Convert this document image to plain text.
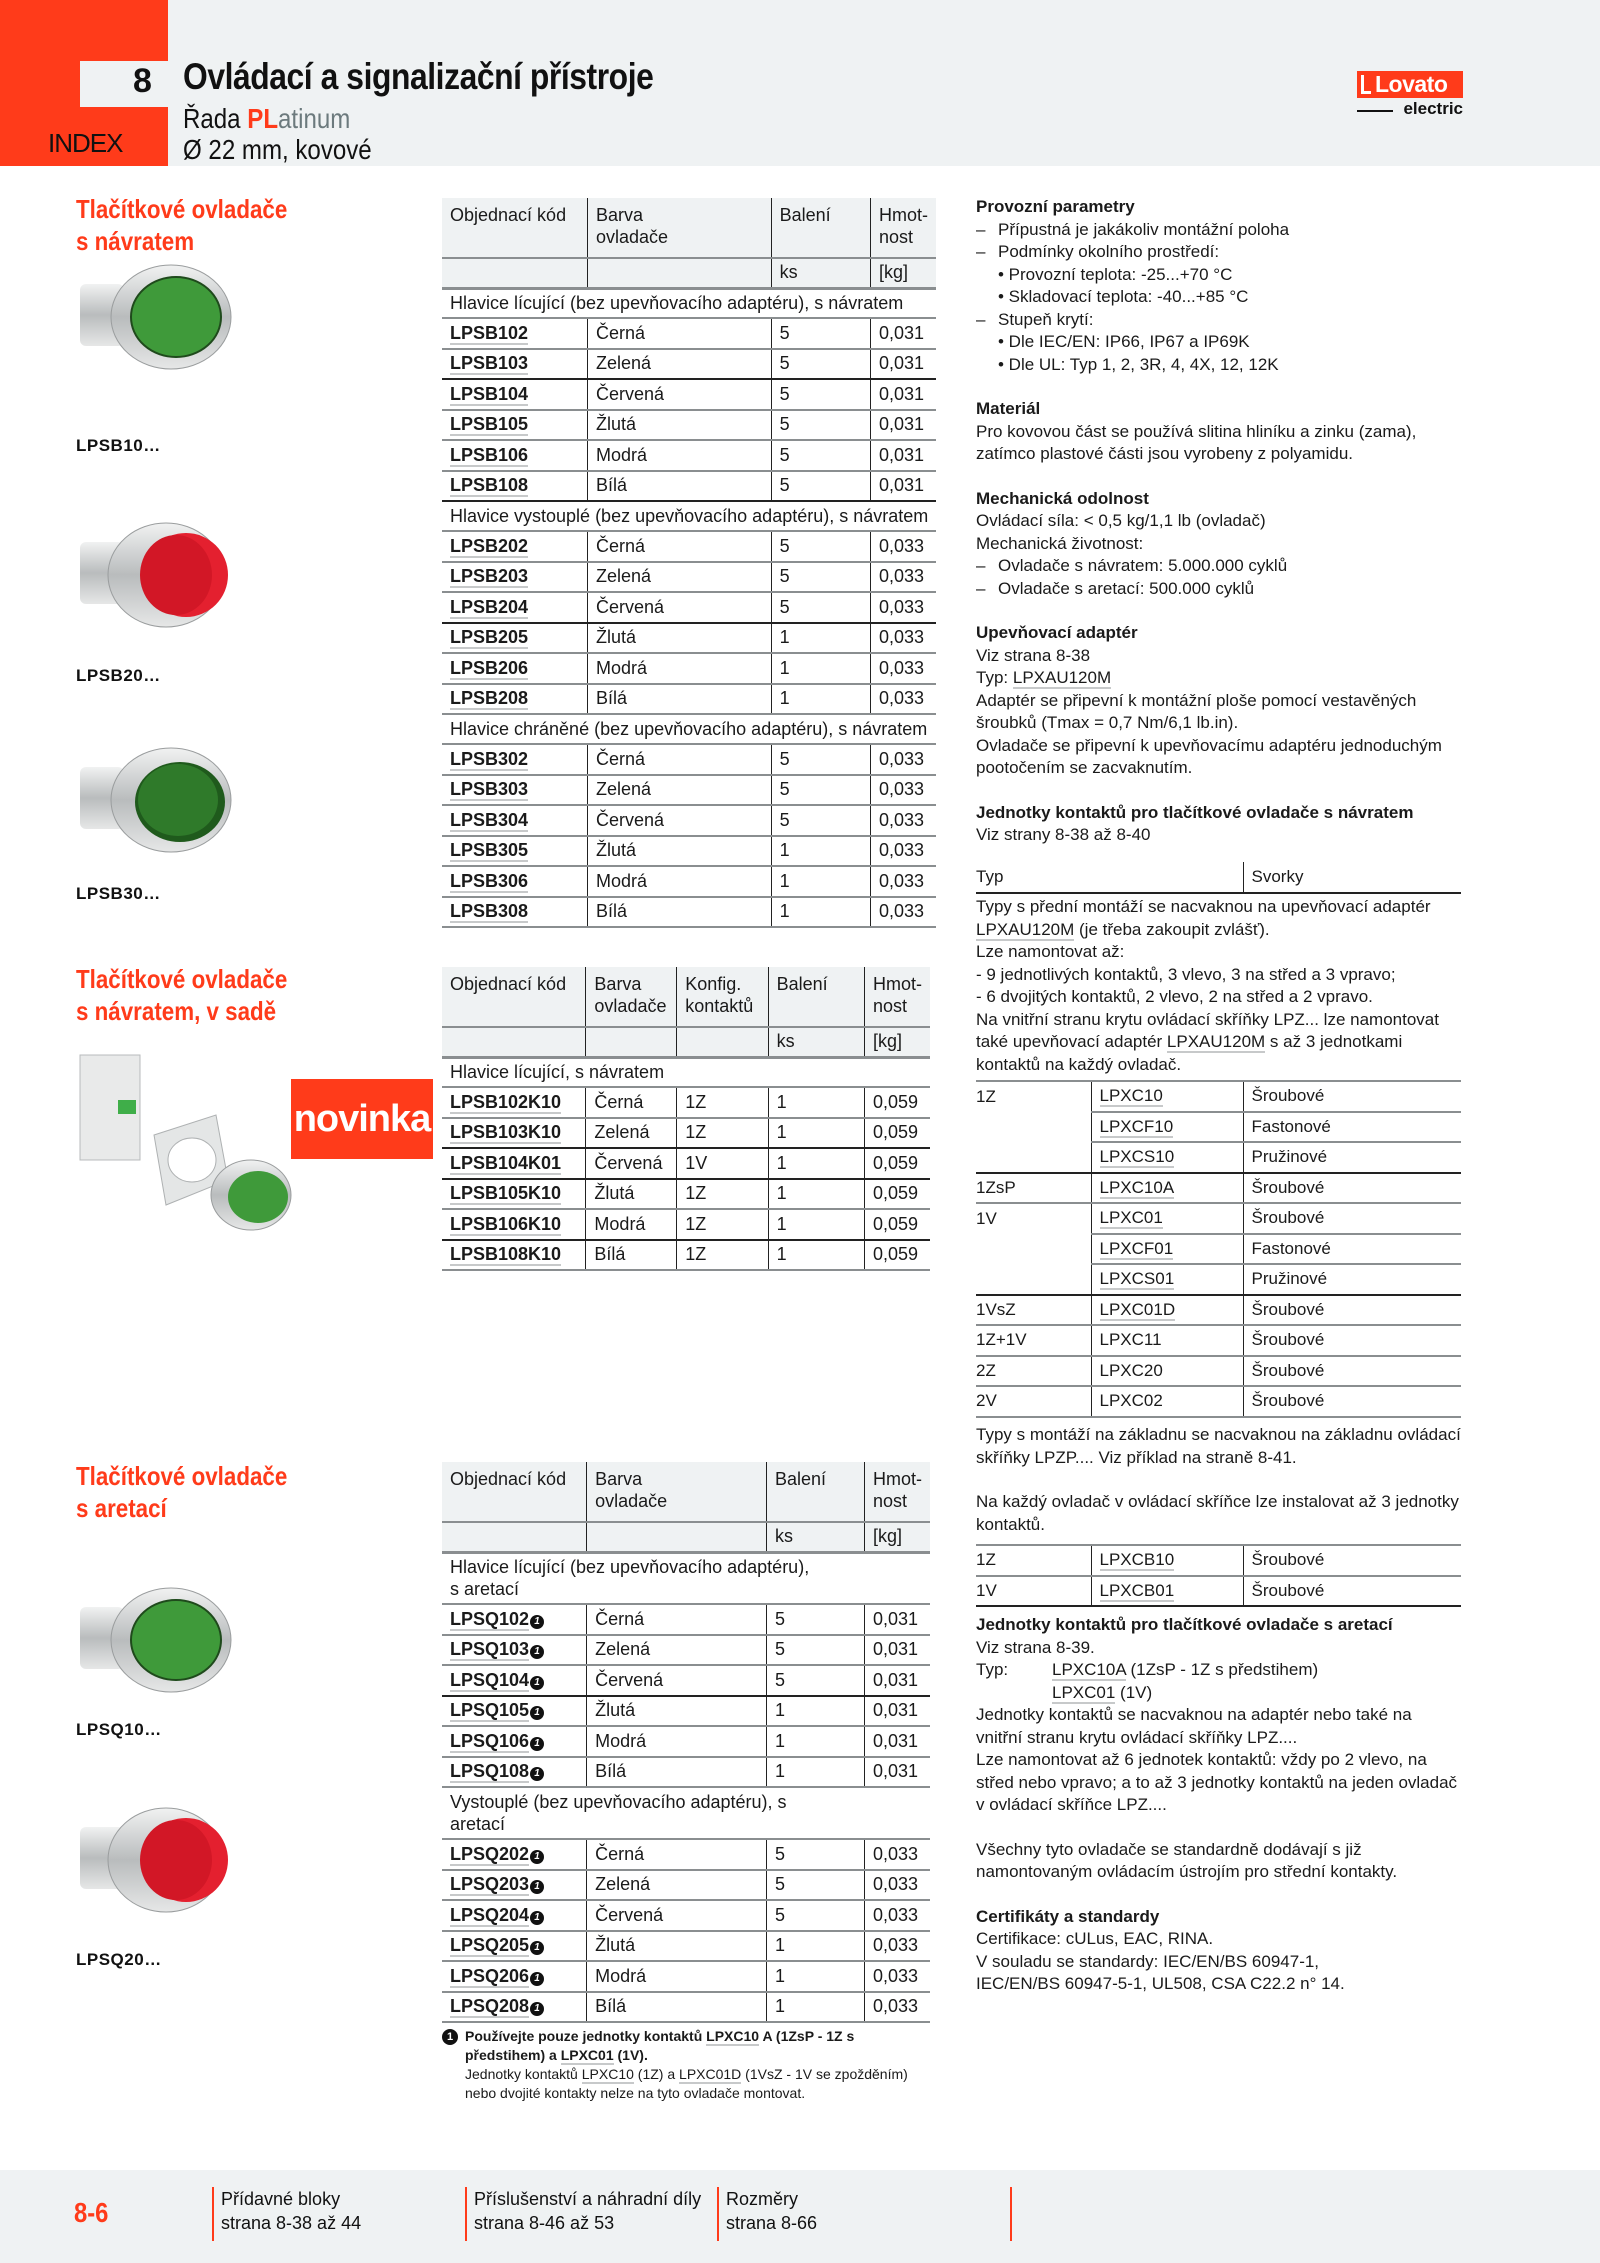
8
INDEX
Ovládací a signalizační přístroje
Řada PLatinum
Ø 22 mm, kovové
Lovato
electric
Tlačítkové ovladače
s návratem
LPSB10…
LPSB20…
LPSB30…
Tlačítkové ovladače
s návratem, v sadě
novinka
Tlačítkové ovladače
s aretací
LPSQ10…
LPSQ20…
Objednací kód	Barva
ovladače
	Balení	Hmot-
nost

		ks	[kg]
Hlavice lícující (bez upevňovacího adaptéru), s návratem			
LPSB102	Černá	5	0,031
LPSB103	Zelená	5	0,031
LPSB104	Červená	5	0,031
LPSB105	Žlutá	5	0,031
LPSB106	Modrá	5	0,031
LPSB108	Bílá	5	0,031
Hlavice vystouplé (bez upevňovacího adaptéru), s návratem			
LPSB202	Černá	5	0,033
LPSB203	Zelená	5	0,033
LPSB204	Červená	5	0,033
LPSB205	Žlutá	1	0,033
LPSB206	Modrá	1	0,033
LPSB208	Bílá	1	0,033
Hlavice chráněné (bez upevňovacího adaptéru), s návratem			
LPSB302	Černá	5	0,033
LPSB303	Zelená	5	0,033
LPSB304	Červená	5	0,033
LPSB305	Žlutá	1	0,033
LPSB306	Modrá	1	0,033
LPSB308	Bílá	1	0,033
Objednací kód	Barva
ovladače

Konfig.
kontaktů
	Balení	Hmot-
nost

			ks	[kg]
Hlavice lícující, s návratem				
LPSB102K10	Černá	1Z	1	0,059
LPSB103K10	Zelená	1Z	1	0,059
LPSB104K01	Červená	1V	1	0,059
LPSB105K10	Žlutá	1Z	1	0,059
LPSB106K10	Modrá	1Z	1	0,059
LPSB108K10	Bílá	1Z	1	0,059
Objednací kód	Barva
ovladače
	Balení	Hmot-
nost

		ks	[kg]
Hlavice lícující (bez upevňovacího adaptéru), s aretací			
LPSQ102 1	Černá	5	0,031
LPSQ103 1	Zelená	5	0,031
LPSQ104 1	Červená	5	0,031
LPSQ105 1	Žlutá	1	0,031
LPSQ106 1	Modrá	1	0,031
LPSQ108 1	Bílá	1	0,031
Vystouplé (bez upevňovacího adaptéru), s aretací			
LPSQ202 1	Černá	5	0,033
LPSQ203 1	Zelená	5	0,033
LPSQ204 1	Červená	5	0,033
LPSQ205 1	Žlutá	1	0,033
LPSQ206 1	Modrá	1	0,033
LPSQ208 1	Bílá	1	0,033
1 Používejte pouze jednotky kontaktů LPXC10 A (1ZsP - 1Z s předstihem) a LPXC01 (1V).
Jednotky kontaktů LPXC10 (1Z) a LPXC01D (1VsZ - 1V se zpožděním) nebo dvojité kontakty nelze na tyto ovladače montovat.
Provozní parametry
– Přípustná je jakákoliv montážní poloha
– Podmínky okolního prostředí:
• Provozní teplota: -25...+70 °C
• Skladovací teplota: -40...+85 °C
– Stupeň krytí:
• Dle IEC/EN: IP66, IP67 a IP69K
• Dle UL: Typ 1, 2, 3R, 4, 4X, 12, 12K
Materiál
Pro kovovou část se používá slitina hliníku a zinku (zama), zatímco plastové části jsou vyrobeny z polyamidu.
Mechanická odolnost
Ovládací síla: < 0,5 kg/1,1 lb (ovladač)
Mechanická životnost:
– Ovladače s návratem: 5.000.000 cyklů
– Ovladače s aretací: 500.000 cyklů
Upevňovací adaptér
Viz strana 8-38
Typ: LPXAU120M
Adaptér se připevní k montážní ploše pomocí vestavěných šroubků (Tmax = 0,7 Nm/6,1 lb.in).
Ovladače se připevní k upevňovacímu adaptéru jednoduchým pootočením se zacvaknutím.
Jednotky kontaktů pro tlačítkové ovladače s návratem
Viz strany 8-38 až 8-40
Typ	Svorky
Typy s přední montáží se nacvaknou na upevňovací adaptér LPXAU120M (je třeba zakoupit zvlášť).
Lze namontovat až:
- 9 jednotlivých kontaktů, 3 vlevo, 3 na střed a 3 vpravo;
- 6 dvojitých kontaktů, 2 vlevo, 2 na střed a 2 vpravo.
Na vnitřní stranu krytu ovládací skříňky LPZ... lze namontovat také upevňovací adaptér LPXAU120M s až 3 jednotkami kontaktů na každý ovladač.
1Z	LPXC10	Šroubové
	LPXCF10	Fastonové
	LPXCS10	Pružinové
1ZsP	LPXC10A	Šroubové
1V	LPXC01	Šroubové
	LPXCF01	Fastonové
	LPXCS01	Pružinové
1VsZ	LPXC01D	Šroubové
1Z+1V	LPXC11	Šroubové
2Z	LPXC20	Šroubové
2V	LPXC02	Šroubové
Typy s montáží na základnu se nacvaknou na základnu ovládací skříňky LPZP.... Viz příklad na straně 8-41.
Na každý ovladač v ovládací skříňce lze instalovat až 3 jednotky kontaktů.
1Z	LPXCB10	Šroubové
1V	LPXCB01	Šroubové
Jednotky kontaktů pro tlačítkové ovladače s aretací
Viz strana 8-39.
Typ:	LPXC10A (1ZsP - 1Z s předstihem)
LPXC01 (1V)
Jednotky kontaktů se nacvaknou na adaptér nebo také na vnitřní stranu krytu ovládací skříňky LPZ....
Lze namontovat až 6 jednotek kontaktů: vždy po 2 vlevo, na střed nebo vpravo; a to až 3 jednotky kontaktů na jeden ovladač v ovládací skříňce LPZ....
Všechny tyto ovladače se standardně dodávají s již namontovaným ovládacím ústrojím pro střední kontakty.
Certifikáty a standardy
Certifikace: cULus, EAC, RINA.
V souladu se standardy: IEC/EN/BS 60947-1, IEC/EN/BS 60947-5-1, UL508, CSA C22.2 n° 14.
8-6	Přídavné bloky
strana 8-38 až 44
Příslušenství a náhradní díly
strana 8-46 až 53
Rozměry
strana 8-66
